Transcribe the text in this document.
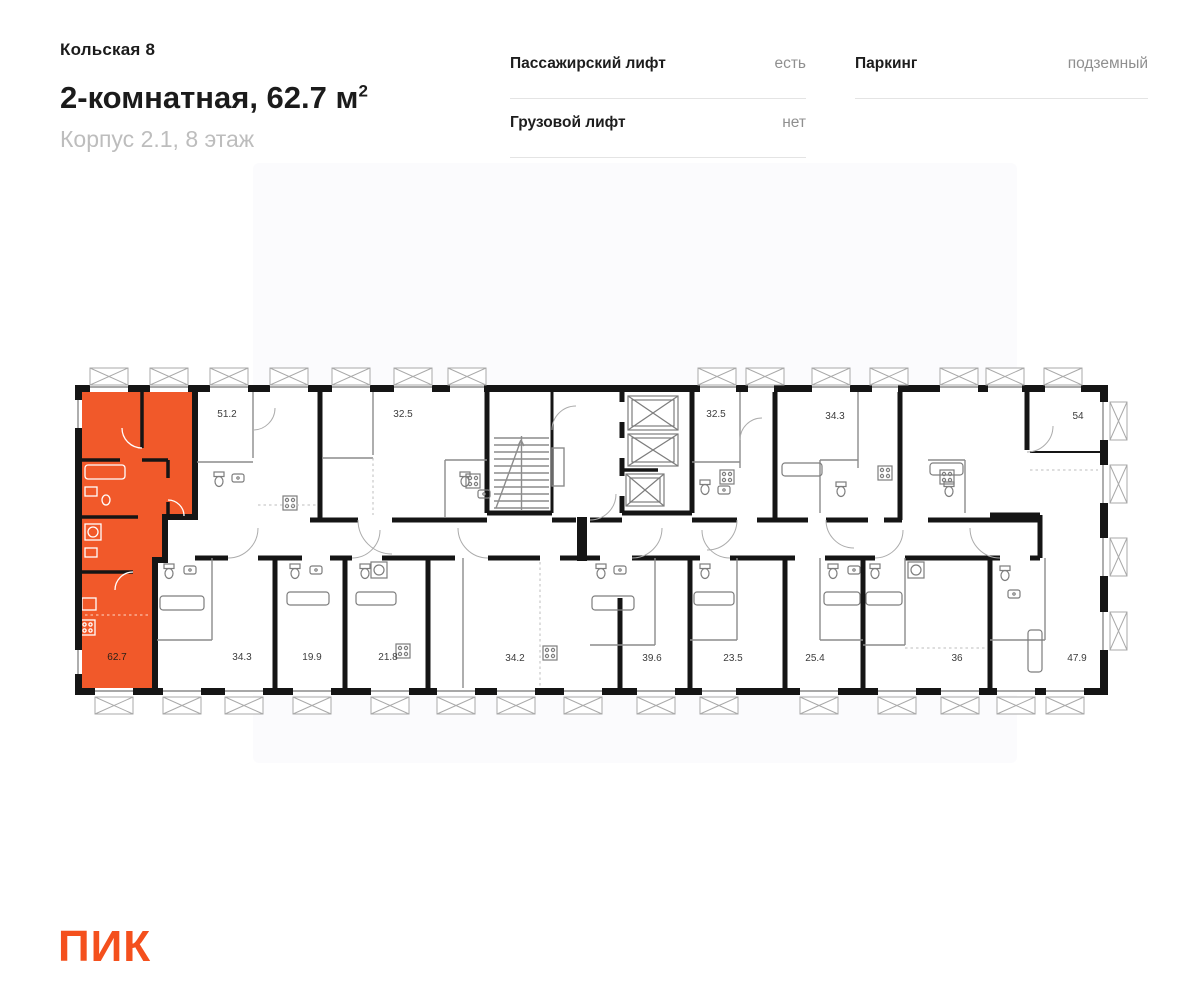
Кольская 8
2-комнатная, 62.7 $м^2$
Корпус 2.1, 8 этаж
Пассажирский лифт	есть
Грузовой лифт	нет
Паркинг	подземный
51.2	32.5	32.5	34.3	54
62.7	34.3	19.9	21.8	34.2	39.6	23.5	25.4	36	47.9
ПИК
